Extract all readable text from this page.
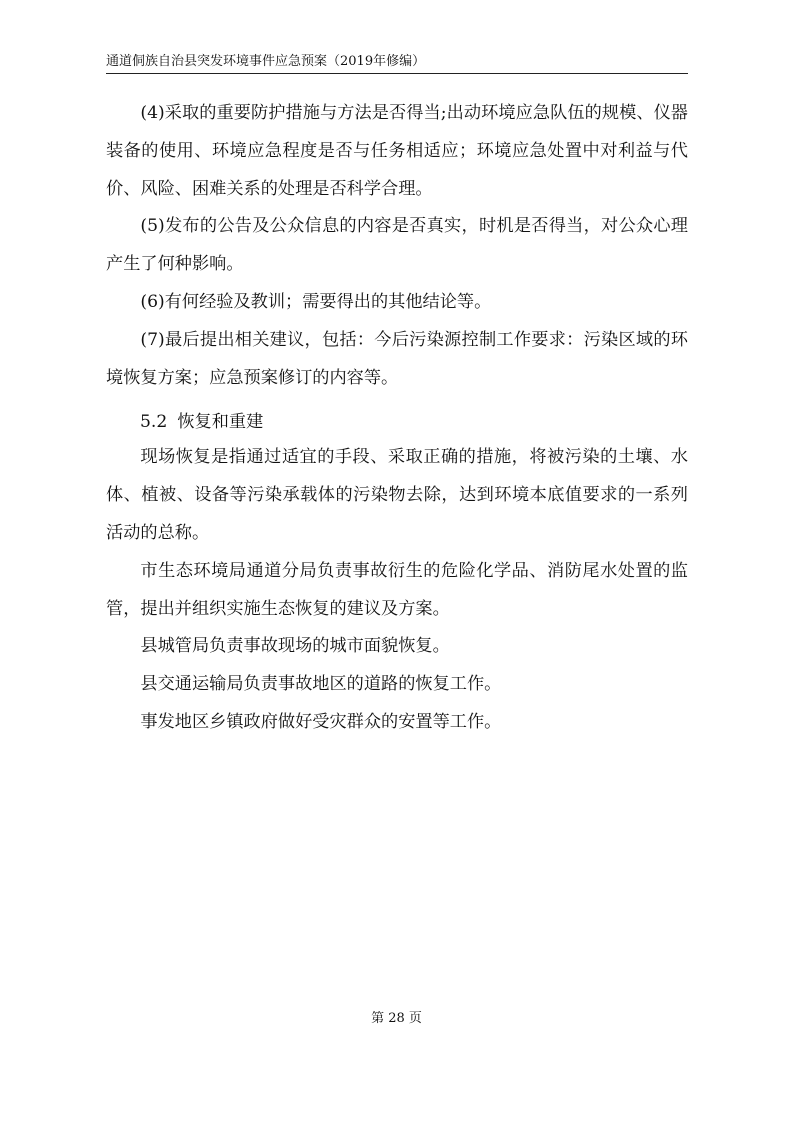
通道侗族自治县突发环境事件应急预案（2019年修编）

(4)采取的重要防护措施与方法是否得当;出动环境应急队伍的规模、仪器装备的使用、环境应急程度是否与任务相适应；环境应急处置中对利益与代价、风险、困难关系的处理是否科学合理。

(5)发布的公告及公众信息的内容是否真实，时机是否得当，对公众心理产生了何种影响。

(6)有何经验及教训；需要得出的其他结论等。

(7)最后提出相关建议，包括：今后污染源控制工作要求：污染区域的环境恢复方案；应急预案修订的内容等。

5.2 恢复和重建

现场恢复是指通过适宜的手段、采取正确的措施，将被污染的土壤、水体、植被、设备等污染承载体的污染物去除，达到环境本底值要求的一系列活动的总称。

市生态环境局通道分局负责事故衍生的危险化学品、消防尾水处置的监管，提出并组织实施生态恢复的建议及方案。

县城管局负责事故现场的城市面貌恢复。

县交通运输局负责事故地区的道路的恢复工作。

事发地区乡镇政府做好受灾群众的安置等工作。

第 28 页
